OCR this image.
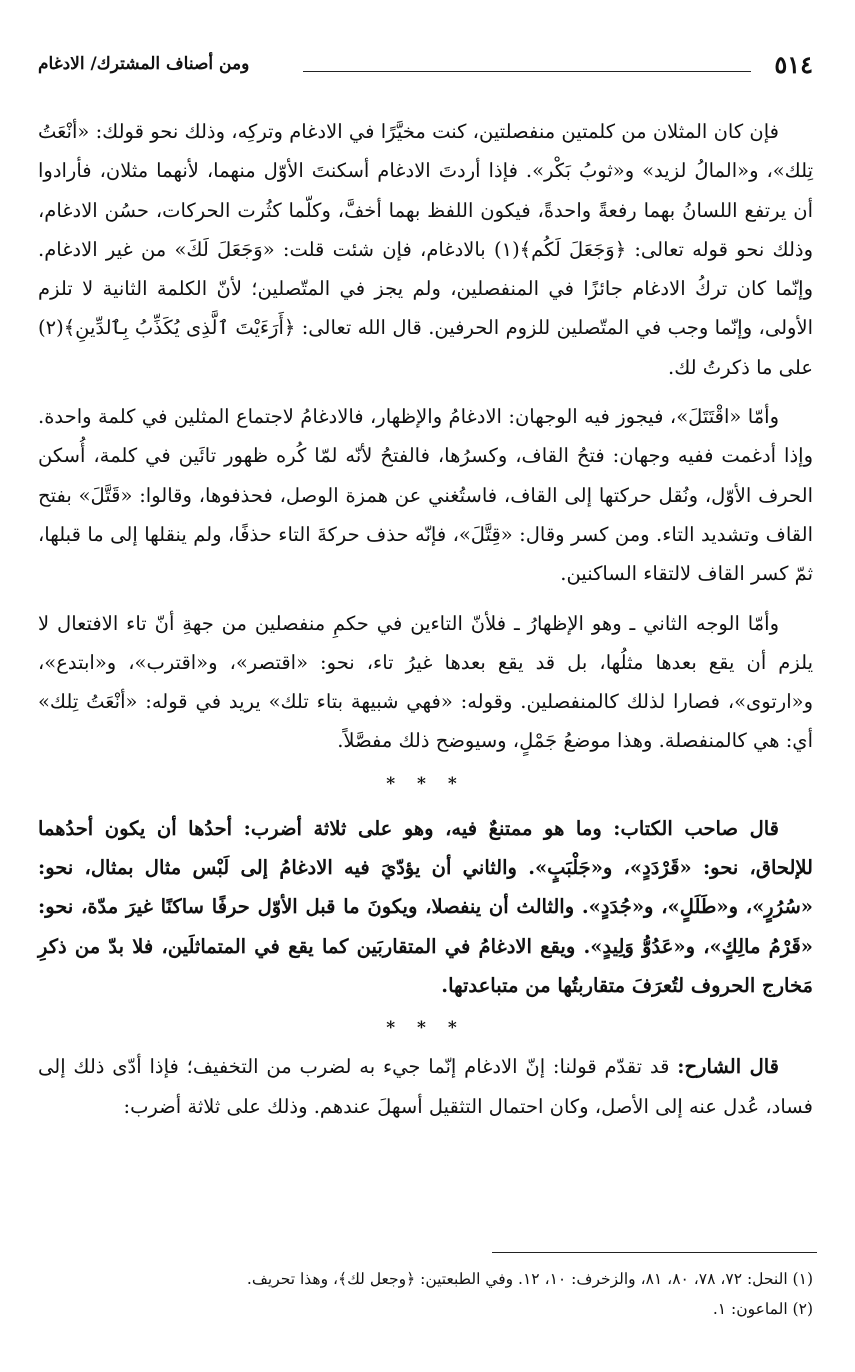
٥١٤
ومن أصناف المشترك/ الادغام

فإن كان المثلان من كلمتين منفصلتين، كنت مخيَّرًا في الادغام وتركِه، وذلك نحو قولك: «أنْعَتُ تِلك»، و«المالُ لزيد» و«ثوبُ بَكْر». فإذا أردتَ الادغام أسكنتَ الأوّل منهما، لأنهما مثلان، فأرادوا أن يرتفع اللسانُ بهما رفعةً واحدةً، فيكون اللفظ بهما أخفَّ، وكلّما كثُرت الحركات، حسُن الادغام، وذلك نحو قوله تعالى: ﴿وَجَعَلَ لَكُم﴾(١) بالادغام، فإن شئت قلت: «وَجَعَلَ لَكَ» من غير الادغام. وإنّما كان تركُ الادغام جائزًا في المنفصلين، ولم يجز في المتّصلين؛ لأنّ الكلمة الثانية لا تلزم الأولى، وإنّما وجب في المتّصلين للزوم الحرفين. قال الله تعالى: ﴿أَرَءَيْتَ ٱلَّذِى يُكَذِّبُ بِٱلدِّينِ﴾(٢) على ما ذكرتُ لك.

وأمّا «اقْتَتَلَ»، فيجوز فيه الوجهان: الادغامُ والإظهار، فالادغامُ لاجتماع المثلين في كلمة واحدة. وإذا أدغمت ففيه وجهان: فتحُ القاف، وكسرُها، فالفتحُ لأنّه لمّا كُره ظهور تائَين في كلمة، أُسكن الحرف الأوّل، ونُقل حركتها إلى القاف، فاستُغني عن همزة الوصل، فحذفوها، وقالوا: «قَتَّلَ» بفتح القاف وتشديد التاء. ومن كسر وقال: «قِتَّلَ»، فإنّه حذف حركةَ التاء حذفًا، ولم ينقلها إلى ما قبلها، ثمّ كسر القاف لالتقاء الساكنين.

وأمّا الوجه الثاني ـ وهو الإظهارُ ـ فلأنّ التاءين في حكمِ منفصلين من جهةِ أنّ تاء الافتعال لا يلزم أن يقع بعدها مثلُها، بل قد يقع بعدها غيرُ تاء، نحو: «اقتصر»، و«اقترب»، و«ابتدع»، و«ارتوى»، فصارا لذلك كالمنفصلين. وقوله: «فهي شبيهة بتاء تلك» يريد في قوله: «أنْعَتُ تِلك» أي: هي كالمنفصلة. وهذا موضعُ جَمْلٍ، وسيوضح ذلك مفصَّلاً.

* * *

قال صاحب الكتاب: وما هو ممتنعٌ فيه، وهو على ثلاثة أضرب: أحدُها أن يكون أحدُهما للإلحاق، نحو: «قَرْدَدٍ»، و«جَلْبَبٍ». والثاني أن يؤدّيَ فيه الادغامُ إلى لَبْس مثال بمثال، نحو: «سُرُرٍ»، و«طَلَلٍ»، و«جُدَدٍ». والثالث أن ينفصلا، ويكونَ ما قبل الأوّل حرفًا ساكنًا غيرَ مدّة، نحو: «قَرْمُ مالِكٍ»، و«عَدُوُّ وَلِيدٍ». ويقع الادغامُ في المتقاربَين كما يقع في المتماثلَين، فلا بدّ من ذكرِ مَخارج الحروف لتُعرَفَ متقاربتُها من متباعدتها.

* * *

قال الشارح: قد تقدّم قولنا: إنّ الادغام إنّما جيء به لضرب من التخفيف؛ فإذا أدّى ذلك إلى فساد، عُدل عنه إلى الأصل، وكان احتمال التثقيل أسهلَ عندهم. وذلك على ثلاثة أضرب:

(١) النحل: ٧٢، ٧٨، ٨٠، ٨١، والزخرف: ١٠، ١٢. وفي الطبعتين: ﴿وجعل لك﴾، وهذا تحريف.
(٢) الماعون: ١.
